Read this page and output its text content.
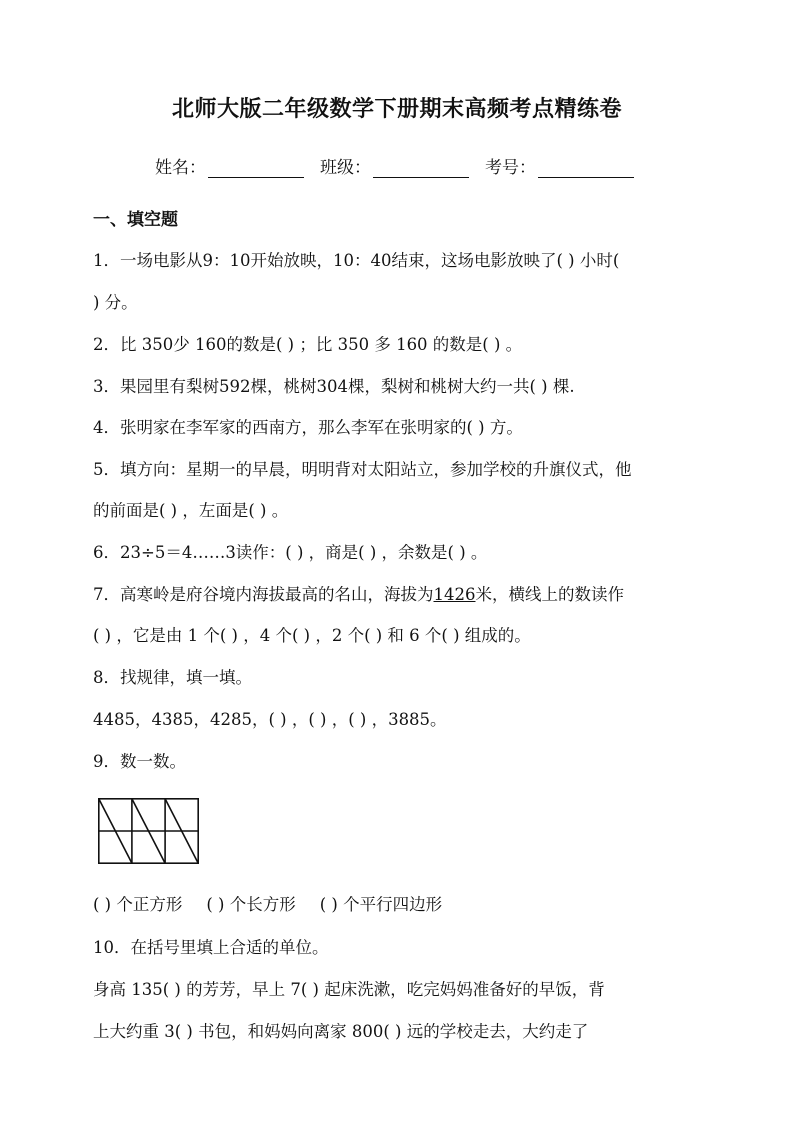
北师大版二年级数学下册期末高频考点精练卷
姓名：	班级：	考号：
一、填空题
1．一场电影从9：10开始放映，10：40结束，这场电影放映了( ) 小时(
) 分。
2．比 350少 160的数是( ) ；比 350 多 160 的数是( ) 。
3．果园里有梨树592棵，桃树304棵，梨树和桃树大约一共( ) 棵.
4．张明家在李军家的西南方，那么李军在张明家的( ) 方。
5．填方向：星期一的早晨，明明背对太阳站立，参加学校的升旗仪式，他
的前面是( ) ，左面是( ) 。
6．23÷5＝4……3读作：( ) ，商是( ) ，余数是( ) 。
7．高寒岭是府谷境内海拔最高的名山，海拔为1426米，横线上的数读作
( ) ，它是由 1 个( ) ，4 个( ) ，2 个( ) 和 6 个( ) 组成的。
8．找规律，填一填。
4485，4385，4285，( ) ，( ) ，( ) ，3885。
9．数一数。
( ) 个正方形 ( ) 个长方形 ( ) 个平行四边形
10．在括号里填上合适的单位。
身高 135( ) 的芳芳，早上 7( ) 起床洗漱，吃完妈妈准备好的早饭，背
上大约重 3( ) 书包，和妈妈向离家 800( ) 远的学校走去，大约走了
